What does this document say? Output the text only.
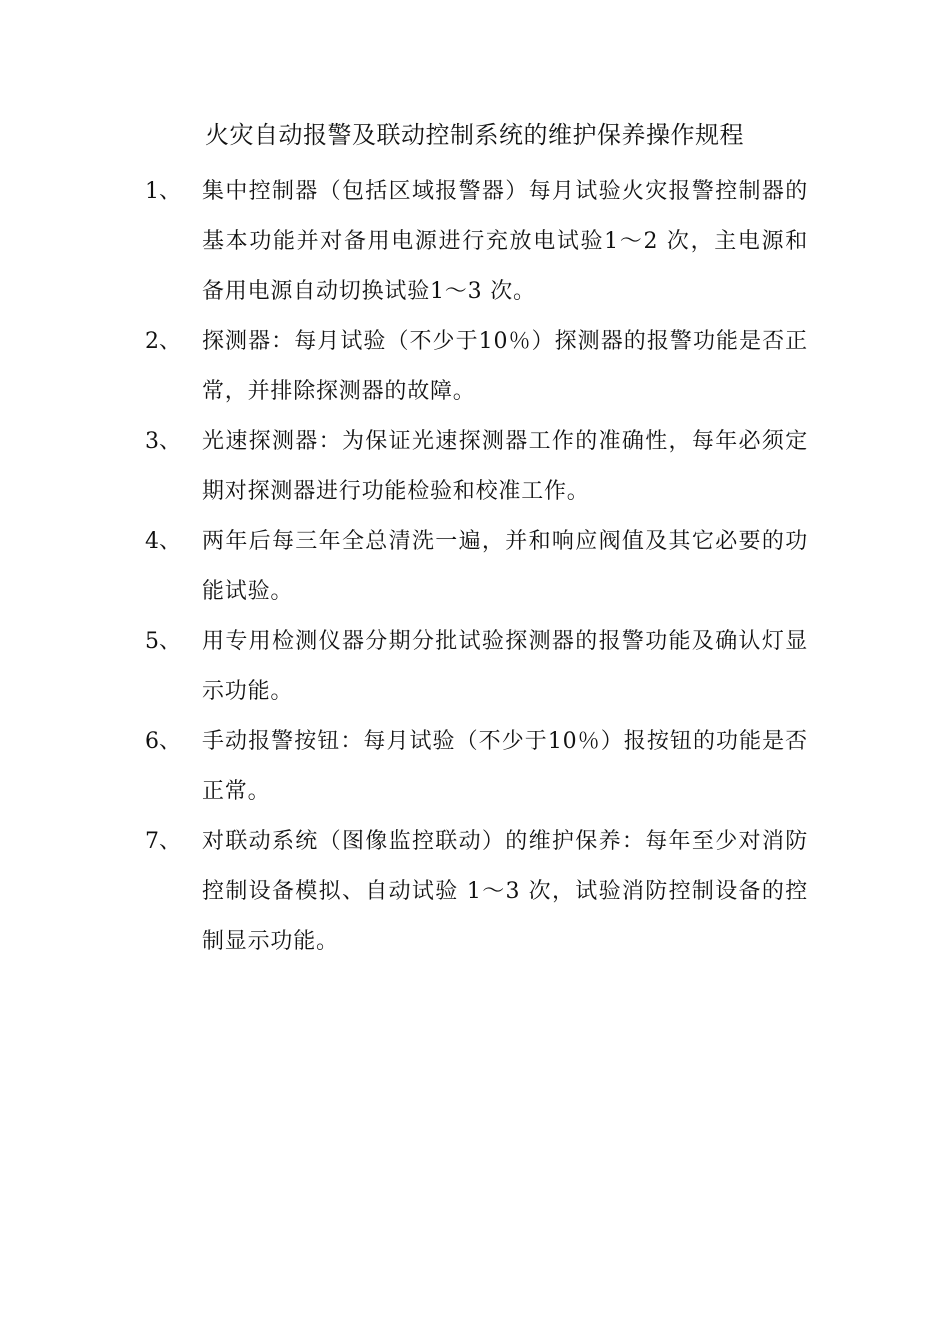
火灾自动报警及联动控制系统的维护保养操作规程
1、 集中控制器（包括区域报警器）每月试验火灾报警控制器的基本功能并对备用电源进行充放电试验1～2 次，主电源和备用电源自动切换试验1～3 次。
2、 探测器：每月试验（不少于10％）探测器的报警功能是否正常，并排除探测器的故障。
3、 光速探测器：为保证光速探测器工作的准确性，每年必须定期对探测器进行功能检验和校准工作。
4、 两年后每三年全总清洗一遍，并和响应阀值及其它必要的功能试验。
5、 用专用检测仪器分期分批试验探测器的报警功能及确认灯显示功能。
6、 手动报警按钮：每月试验（不少于10％）报按钮的功能是否正常。
7、 对联动系统（图像监控联动）的维护保养：每年至少对消防控制设备模拟、自动试验 1～3 次，试验消防控制设备的控制显示功能。
